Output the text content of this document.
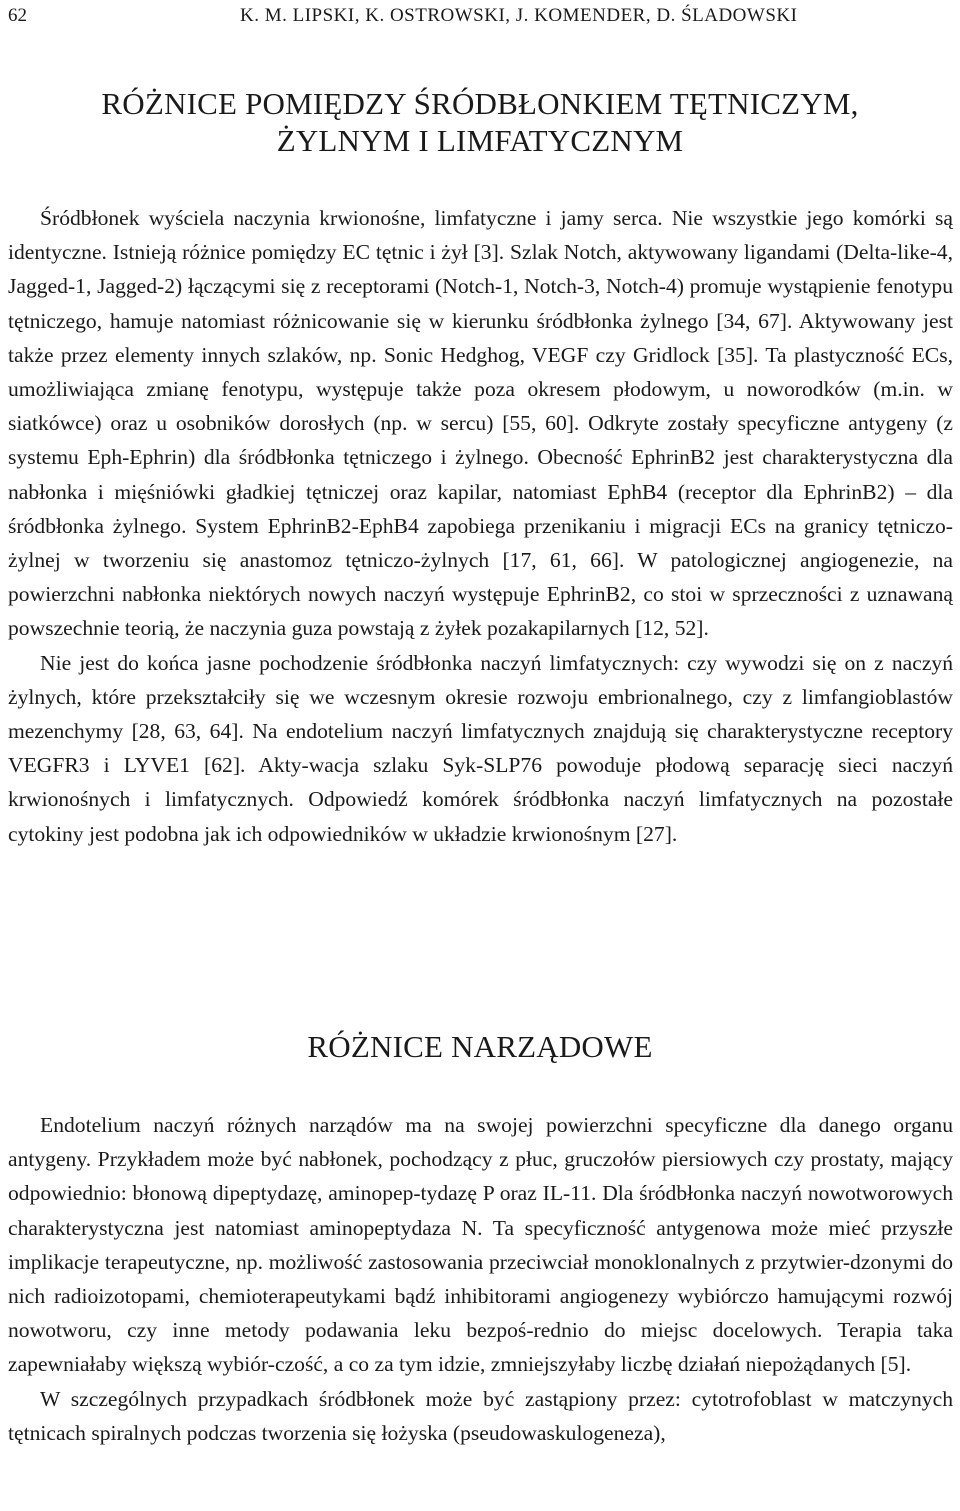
62	K. M. LIPSKI, K. OSTROWSKI, J. KOMENDER, D. ŚLADOWSKI
RÓŻNICE POMIĘDZY ŚRÓDBŁONKIEM TĘTNICZYM,
ŻYLNYM I LIMFATYCZNYM

Śródbłonek wyściela naczynia krwionośne, limfatyczne i jamy serca. Nie wszystkie jego komórki są identyczne. Istnieją różnice pomiędzy EC tętnic i żył [3]. Szlak Notch, aktywowany ligandami (Delta-like-4, Jagged-1, Jagged-2) łączącymi się z receptorami (Notch-1, Notch-3, Notch-4) promuje wystąpienie fenotypu tętniczego, hamuje natomiast różnicowanie się w kierunku śródbłonka żylnego [34, 67]. Aktywowany jest także przez elementy innych szlaków, np. Sonic Hedghog, VEGF czy Gridlock [35]. Ta plastyczność ECs, umożliwiająca zmianę fenotypu, występuje także poza okresem płodowym, u noworodków (m.in. w siatkówce) oraz u osobników dorosłych (np. w sercu) [55, 60]. Odkryte zostały specyficzne antygeny (z systemu Eph-Ephrin) dla śródbłonka tętniczego i żylnego. Obecność EphrinB2 jest charakterystyczna dla nabłonka i mięśniówki gładkiej tętniczej oraz kapilar, natomiast EphB4 (receptor dla EphrinB2) – dla śródbłonka żylnego. System EphrinB2-EphB4 zapobiega przenikaniu i migracji ECs na granicy tętniczo-żylnej w tworzeniu się anastomoz tętniczo-żylnych [17, 61, 66]. W patologicznej angiogenezie, na powierzchni nabłonka niektórych nowych naczyń występuje EphrinB2, co stoi w sprzeczności z uznawaną powszechnie teorią, że naczynia guza powstają z żyłek pozakapilarnych [12, 52].

Nie jest do końca jasne pochodzenie śródbłonka naczyń limfatycznych: czy wywodzi się on z naczyń żylnych, które przekształciły się we wczesnym okresie rozwoju embrionalnego, czy z limfangioblastów mezenchymy [28, 63, 64]. Na endotelium naczyń limfatycznych znajdują się charakterystyczne receptory VEGFR3 i LYVE1 [62]. Akty-wacja szlaku Syk-SLP76 powoduje płodową separację sieci naczyń krwionośnych i limfatycznych. Odpowiedź komórek śródbłonka naczyń limfatycznych na pozostałe cytokiny jest podobna jak ich odpowiedników w układzie krwionośnym [27].

RÓŻNICE NARZĄDOWE

Endotelium naczyń różnych narządów ma na swojej powierzchni specyficzne dla danego organu antygeny. Przykładem może być nabłonek, pochodzący z płuc, gruczołów piersiowych czy prostaty, mający odpowiednio: błonową dipeptydazę, aminopep-tydazę P oraz IL-11. Dla śródbłonka naczyń nowotworowych charakterystyczna jest natomiast aminopeptydaza N. Ta specyficzność antygenowa może mieć przyszłe implikacje terapeutyczne, np. możliwość zastosowania przeciwciał monoklonalnych z przytwier-dzonymi do nich radioizotopami, chemioterapeutykami bądź inhibitorami angiogenezy wybiórczo hamującymi rozwój nowotworu, czy inne metody podawania leku bezpoś-rednio do miejsc docelowych. Terapia taka zapewniałaby większą wybiór-czość, a co za tym idzie, zmniejszyłaby liczbę działań niepożądanych [5].

W szczególnych przypadkach śródbłonek może być zastąpiony przez: cytotrofoblast w matczynych tętnicach spiralnych podczas tworzenia się łożyska (pseudowaskulogeneza),
